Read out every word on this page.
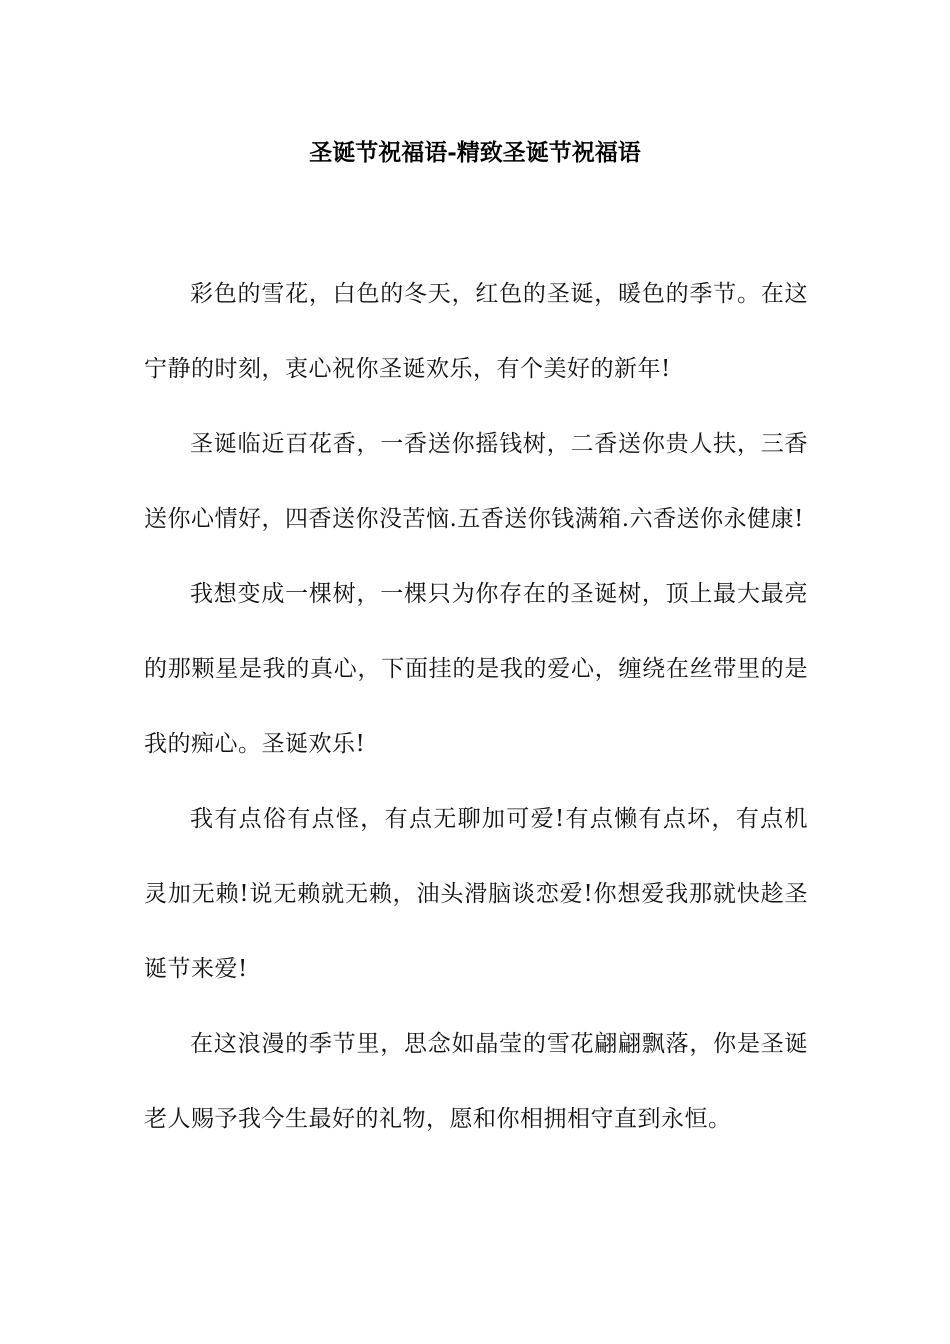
圣诞节祝福语-精致圣诞节祝福语

彩色的雪花，白色的冬天，红色的圣诞，暖色的季节。在这宁静的时刻，衷心祝你圣诞欢乐，有个美好的新年!

圣诞临近百花香，一香送你摇钱树，二香送你贵人扶，三香送你心情好，四香送你没苦恼.五香送你钱满箱.六香送你永健康!

我想变成一棵树，一棵只为你存在的圣诞树，顶上最大最亮的那颗星是我的真心，下面挂的是我的爱心，缠绕在丝带里的是我的痴心。圣诞欢乐!

我有点俗有点怪，有点无聊加可爱!有点懒有点坏，有点机灵加无赖!说无赖就无赖，油头滑脑谈恋爱!你想爱我那就快趁圣诞节来爱!

在这浪漫的季节里，思念如晶莹的雪花翩翩飘落，你是圣诞老人赐予我今生最好的礼物，愿和你相拥相守直到永恒。
